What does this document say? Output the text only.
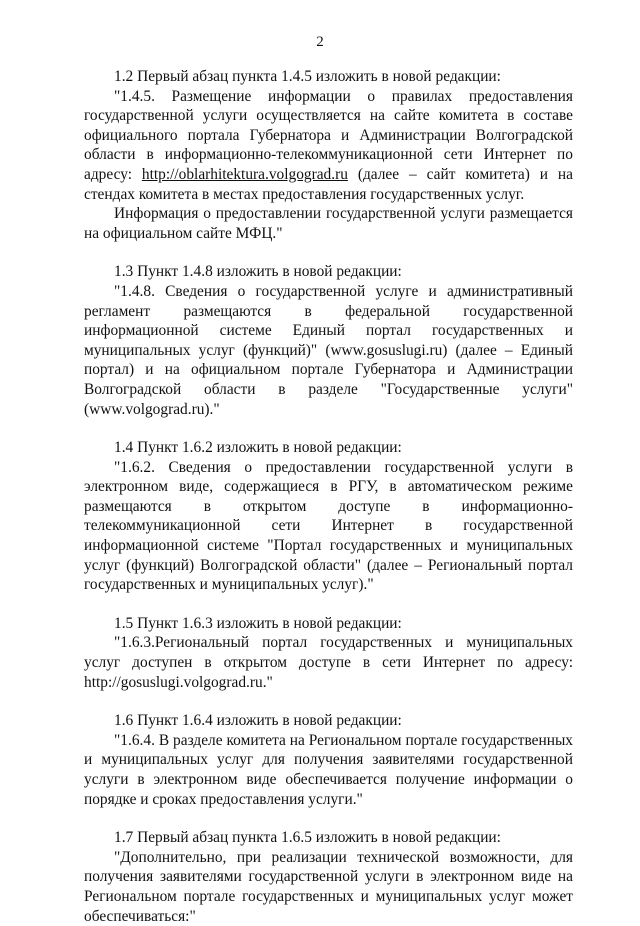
2

1.2 Первый абзац пункта 1.4.5 изложить в новой редакции:

"1.4.5. Размещение информации о правилах предоставления государственной услуги осуществляется на сайте комитета в составе официального портала Губернатора и Администрации Волгоградской области в информационно-телекоммуникационной сети Интернет по адресу: http://oblarhitektura.volgograd.ru (далее – сайт комитета) и на стендах комитета в местах предоставления государственных услуг.

Информация о предоставлении государственной услуги размещается на официальном сайте МФЦ."

1.3 Пункт 1.4.8 изложить в новой редакции:

"1.4.8. Сведения о государственной услуге и административный регламент размещаются в федеральной государственной информационной системе Единый портал государственных и муниципальных услуг (функций)" (www.gosuslugi.ru) (далее – Единый портал) и на официальном портале Губернатора и Администрации Волгоградской области в разделе "Государственные услуги" (www.volgograd.ru)."

1.4 Пункт 1.6.2 изложить в новой редакции:

"1.6.2. Сведения о предоставлении государственной услуги в электронном виде, содержащиеся в РГУ, в автоматическом режиме размещаются в открытом доступе в информационно-телекоммуникационной сети Интернет в государственной информационной системе "Портал государственных и муниципальных услуг (функций) Волгоградской области" (далее – Региональный портал государственных и муниципальных услуг)."

1.5 Пункт 1.6.3 изложить в новой редакции:

"1.6.3.Региональный портал государственных и муниципальных услуг доступен в открытом доступе в сети Интернет по адресу: http://gosuslugi.volgograd.ru."

1.6 Пункт 1.6.4 изложить в новой редакции:

"1.6.4. В разделе комитета на Региональном портале государственных и муниципальных услуг для получения заявителями государственной услуги в электронном виде обеспечивается получение информации о порядке и сроках предоставления услуги."

1.7 Первый абзац пункта 1.6.5 изложить в новой редакции:

"Дополнительно, при реализации технической возможности, для получения заявителями государственной услуги в электронном виде на Региональном портале государственных и муниципальных услуг может обеспечиваться:"
